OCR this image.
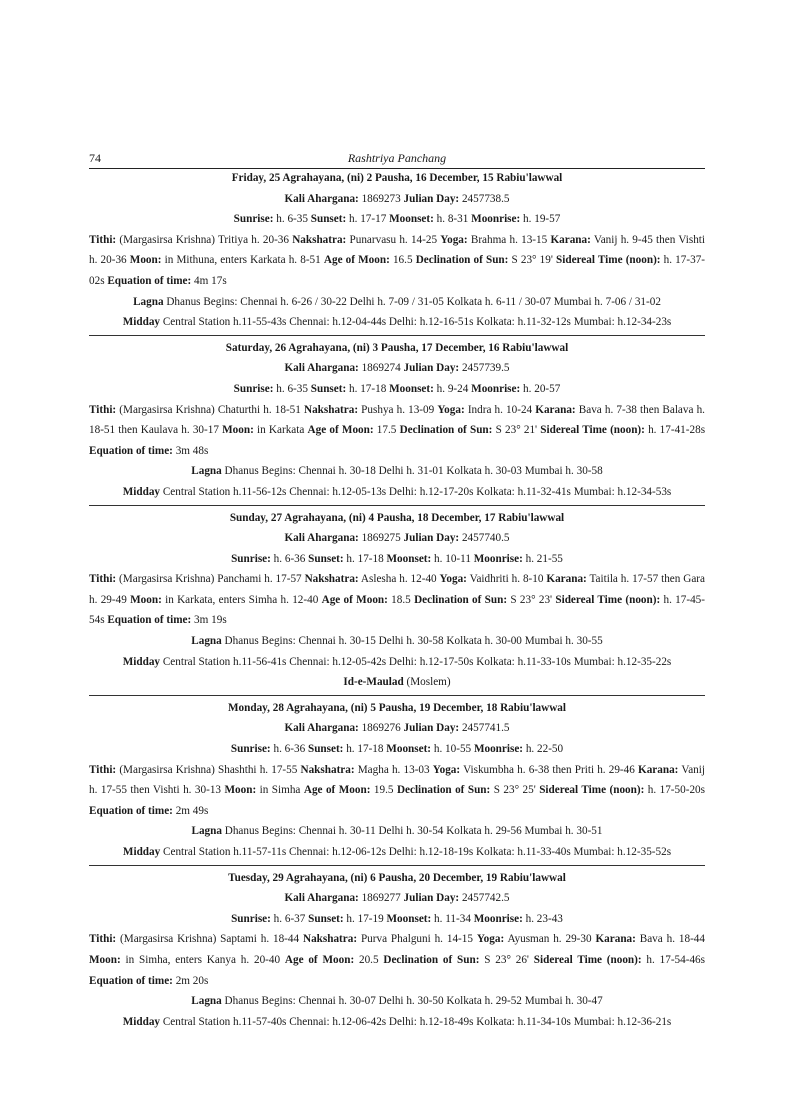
74	Rashtriya Panchang
Friday, 25 Agrahayana, (ni) 2 Pausha, 16 December, 15 Rabiu'lawwal
Kali Ahargana: 1869273 Julian Day: 2457738.5
Sunrise: h. 6-35 Sunset: h. 17-17 Moonset: h. 8-31 Moonrise: h. 19-57
Tithi: (Margasirsa Krishna) Tritiya h. 20-36 Nakshatra: Punarvasu h. 14-25 Yoga: Brahma h. 13-15 Karana: Vanij h. 9-45 then Vishti h. 20-36 Moon: in Mithuna, enters Karkata h. 8-51 Age of Moon: 16.5 Declination of Sun: S 23° 19' Sidereal Time (noon): h. 17-37-02s Equation of time: 4m 17s
Lagna Dhanus Begins: Chennai h. 6-26 / 30-22 Delhi h. 7-09 / 31-05 Kolkata h. 6-11 / 30-07 Mumbai h. 7-06 / 31-02
Midday Central Station h.11-55-43s Chennai: h.12-04-44s Delhi: h.12-16-51s Kolkata: h.11-32-12s Mumbai: h.12-34-23s
Saturday, 26 Agrahayana, (ni) 3 Pausha, 17 December, 16 Rabiu'lawwal
Kali Ahargana: 1869274 Julian Day: 2457739.5
Sunrise: h. 6-35 Sunset: h. 17-18 Moonset: h. 9-24 Moonrise: h. 20-57
Tithi: (Margasirsa Krishna) Chaturthi h. 18-51 Nakshatra: Pushya h. 13-09 Yoga: Indra h. 10-24 Karana: Bava h. 7-38 then Balava h. 18-51 then Kaulava h. 30-17 Moon: in Karkata Age of Moon: 17.5 Declination of Sun: S 23° 21' Sidereal Time (noon): h. 17-41-28s Equation of time: 3m 48s
Lagna Dhanus Begins: Chennai h. 30-18 Delhi h. 31-01 Kolkata h. 30-03 Mumbai h. 30-58
Midday Central Station h.11-56-12s Chennai: h.12-05-13s Delhi: h.12-17-20s Kolkata: h.11-32-41s Mumbai: h.12-34-53s
Sunday, 27 Agrahayana, (ni) 4 Pausha, 18 December, 17 Rabiu'lawwal
Kali Ahargana: 1869275 Julian Day: 2457740.5
Sunrise: h. 6-36 Sunset: h. 17-18 Moonset: h. 10-11 Moonrise: h. 21-55
Tithi: (Margasirsa Krishna) Panchami h. 17-57 Nakshatra: Aslesha h. 12-40 Yoga: Vaidhriti h. 8-10 Karana: Taitila h. 17-57 then Gara h. 29-49 Moon: in Karkata, enters Simha h. 12-40 Age of Moon: 18.5 Declination of Sun: S 23° 23' Sidereal Time (noon): h. 17-45-54s Equation of time: 3m 19s
Lagna Dhanus Begins: Chennai h. 30-15 Delhi h. 30-58 Kolkata h. 30-00 Mumbai h. 30-55
Midday Central Station h.11-56-41s Chennai: h.12-05-42s Delhi: h.12-17-50s Kolkata: h.11-33-10s Mumbai: h.12-35-22s
Id-e-Maulad (Moslem)
Monday, 28 Agrahayana, (ni) 5 Pausha, 19 December, 18 Rabiu'lawwal
Kali Ahargana: 1869276 Julian Day: 2457741.5
Sunrise: h. 6-36 Sunset: h. 17-18 Moonset: h. 10-55 Moonrise: h. 22-50
Tithi: (Margasirsa Krishna) Shashthi h. 17-55 Nakshatra: Magha h. 13-03 Yoga: Viskumbha h. 6-38 then Priti h. 29-46 Karana: Vanij h. 17-55 then Vishti h. 30-13 Moon: in Simha Age of Moon: 19.5 Declination of Sun: S 23° 25' Sidereal Time (noon): h. 17-50-20s Equation of time: 2m 49s
Lagna Dhanus Begins: Chennai h. 30-11 Delhi h. 30-54 Kolkata h. 29-56 Mumbai h. 30-51
Midday Central Station h.11-57-11s Chennai: h.12-06-12s Delhi: h.12-18-19s Kolkata: h.11-33-40s Mumbai: h.12-35-52s
Tuesday, 29 Agrahayana, (ni) 6 Pausha, 20 December, 19 Rabiu'lawwal
Kali Ahargana: 1869277 Julian Day: 2457742.5
Sunrise: h. 6-37 Sunset: h. 17-19 Moonset: h. 11-34 Moonrise: h. 23-43
Tithi: (Margasirsa Krishna) Saptami h. 18-44 Nakshatra: Purva Phalguni h. 14-15 Yoga: Ayusman h. 29-30 Karana: Bava h. 18-44 Moon: in Simha, enters Kanya h. 20-40 Age of Moon: 20.5 Declination of Sun: S 23° 26' Sidereal Time (noon): h. 17-54-46s Equation of time: 2m 20s
Lagna Dhanus Begins: Chennai h. 30-07 Delhi h. 30-50 Kolkata h. 29-52 Mumbai h. 30-47
Midday Central Station h.11-57-40s Chennai: h.12-06-42s Delhi: h.12-18-49s Kolkata: h.11-34-10s Mumbai: h.12-36-21s
